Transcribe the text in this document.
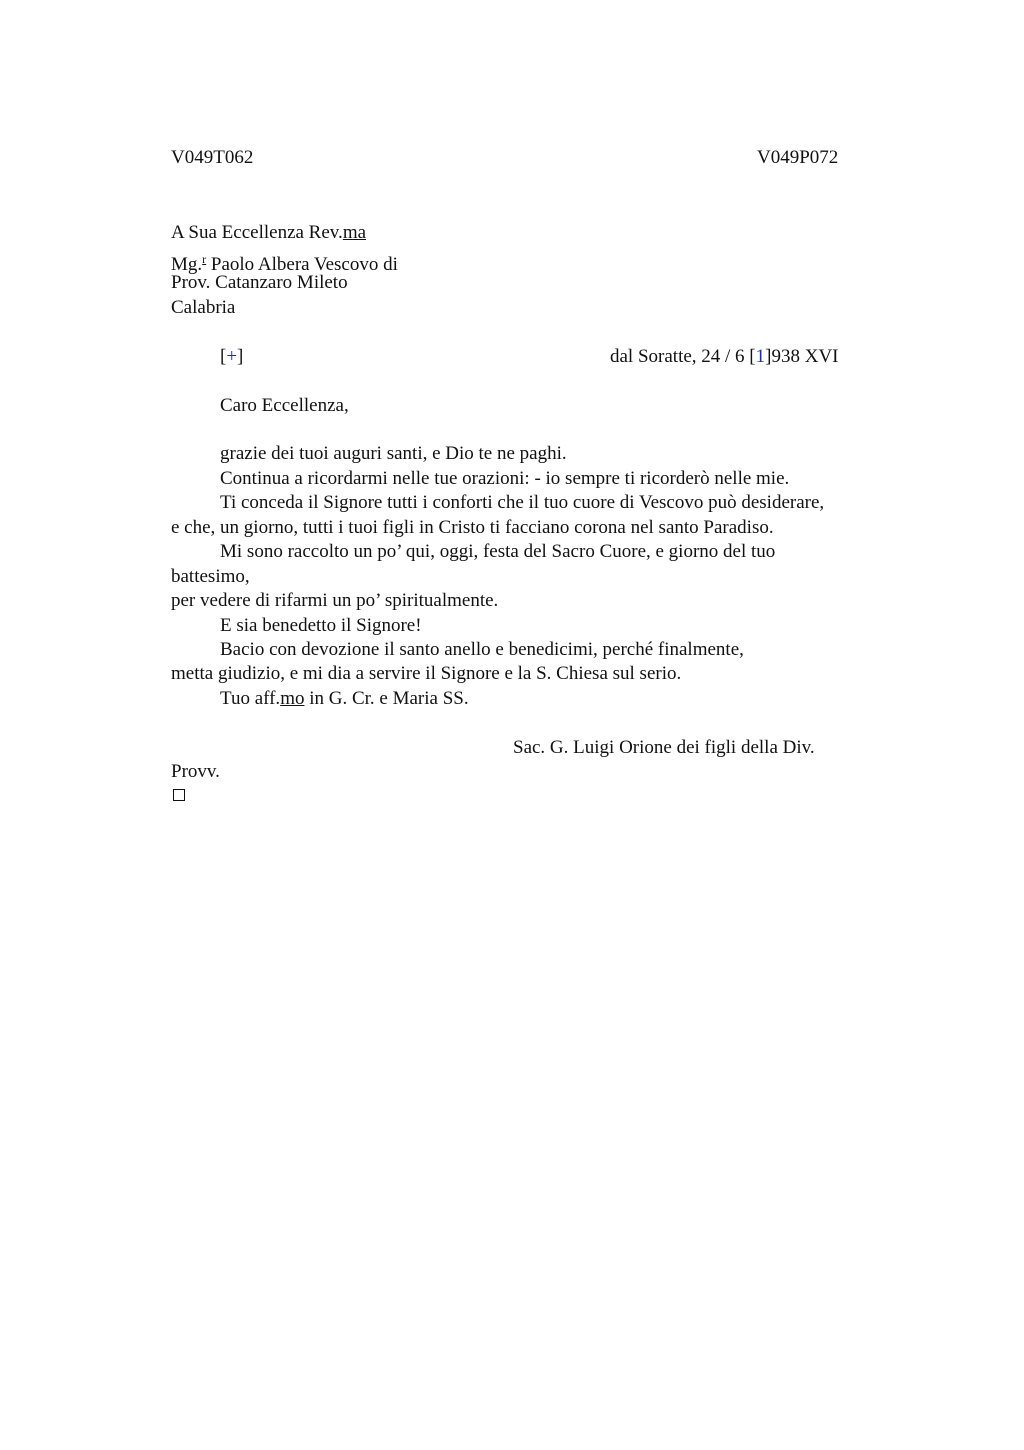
V049T062	V049P072
A Sua Eccellenza Rev.ma
Mg.$^r$ Paolo Albera Vescovo di
Prov. Catanzaro Mileto
Calabria
[+]	dal Soratte, 24 / 6 [1]938 XVI
Caro Eccellenza,
grazie dei tuoi auguri santi, e Dio te ne paghi.
Continua a ricordarmi nelle tue orazioni: - io sempre ti ricorderò nelle mie.
Ti conceda il Signore tutti i conforti che il tuo cuore di Vescovo può desiderare,
e che, un giorno, tutti i tuoi figli in Cristo ti facciano corona nel santo Paradiso.
Mi sono raccolto un po’ qui, oggi, festa del Sacro Cuore, e giorno del tuo
battesimo,
per vedere di rifarmi un po’ spiritualmente.
E sia benedetto il Signore!
Bacio con devozione il santo anello e benedicimi, perché finalmente,
metta giudizio, e mi dia a servire il Signore e la S. Chiesa sul serio.
Tuo aff.mo in G. Cr. e Maria SS.
Sac. G. Luigi Orione dei figli della Div.
Provv.
